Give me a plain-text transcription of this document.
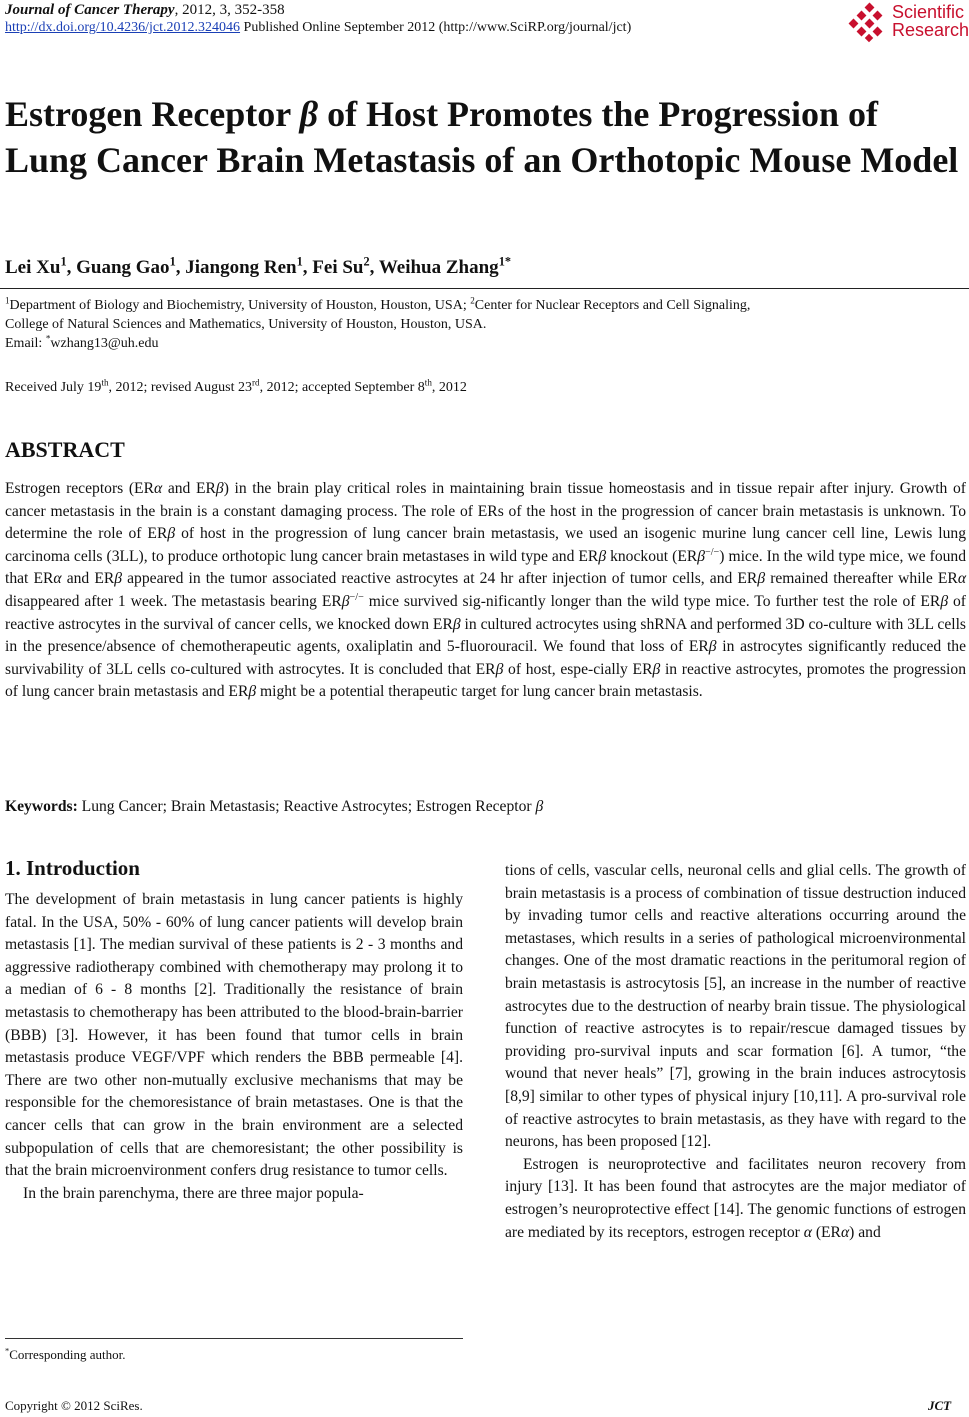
Journal of Cancer Therapy, 2012, 3, 352-358
http://dx.doi.org/10.4236/jct.2012.324046 Published Online September 2012 (http://www.SciRP.org/journal/jct)
Scientific
Research
Estrogen Receptor β of Host Promotes the Progression of Lung Cancer Brain Metastasis of an Orthotopic Mouse Model
Lei Xu$^1$, Guang Gao$^1$, Jiangong Ren$^1$, Fei Su$^2$, Weihua Zhang$^{1*}$
$^1$Department of Biology and Biochemistry, University of Houston, Houston, USA; $^2$Center for Nuclear Receptors and Cell Signaling,
College of Natural Sciences and Mathematics, University of Houston, Houston, USA.
Email: *wzhang13@uh.edu
Received July 19th, 2012; revised August 23rd, 2012; accepted September 8th, 2012
ABSTRACT
Estrogen receptors (ERα and ERβ) in the brain play critical roles in maintaining brain tissue homeostasis and in tissue repair after injury. Growth of cancer metastasis in the brain is a constant damaging process. The role of ERs of the host in the progression of cancer brain metastasis is unknown. To determine the role of ERβ of host in the progression of lung cancer brain metastasis, we used an isogenic murine lung cancer cell line, Lewis lung carcinoma cells (3LL), to produce orthotopic lung cancer brain metastases in wild type and ERβ knockout (ERβ−/−) mice. In the wild type mice, we found that ERα and ERβ appeared in the tumor associated reactive astrocytes at 24 hr after injection of tumor cells, and ERβ remained thereafter while ERα disappeared after 1 week. The metastasis bearing ERβ−/− mice survived sig-nificantly longer than the wild type mice. To further test the role of ERβ of reactive astrocytes in the survival of cancer cells, we knocked down ERβ in cultured actrocytes using shRNA and performed 3D co-culture with 3LL cells in the presence/absence of chemotherapeutic agents, oxaliplatin and 5-fluorouracil. We found that loss of ERβ in astrocytes significantly reduced the survivability of 3LL cells co-cultured with astrocytes. It is concluded that ERβ of host, espe-cially ERβ in reactive astrocytes, promotes the progression of lung cancer brain metastasis and ERβ might be a potential therapeutic target for lung cancer brain metastasis.
Keywords: Lung Cancer; Brain Metastasis; Reactive Astrocytes; Estrogen Receptor β
1. Introduction

The development of brain metastasis in lung cancer patients is highly fatal. In the USA, 50% - 60% of lung cancer patients will develop brain metastasis [1]. The median survival of these patients is 2 - 3 months and aggressive radiotherapy combined with chemotherapy may prolong it to a median of 6 - 8 months [2]. Traditionally the resistance of brain metastasis to chemotherapy has been attributed to the blood-brain-barrier (BBB) [3]. However, it has been found that tumor cells in brain metastasis produce VEGF/VPF which renders the BBB permeable [4]. There are two other non-mutually exclusive mechanisms that may be responsible for the chemoresistance of brain metastases. One is that the cancer cells that can grow in the brain environment are a selected subpopulation of cells that are chemoresistant; the other possibility is that the brain microenvironment confers drug resistance to tumor cells.

In the brain parenchyma, there are three major popula-

tions of cells, vascular cells, neuronal cells and glial cells. The growth of brain metastasis is a process of combination of tissue destruction induced by invading tumor cells and reactive alterations occurring around the metastases, which results in a series of pathological microenvironmental changes. One of the most dramatic reactions in the peritumoral region of brain metastasis is astrocytosis [5], an increase in the number of reactive astrocytes due to the destruction of nearby brain tissue. The physiological function of reactive astrocytes is to repair/rescue damaged tissues by providing pro-survival inputs and scar formation [6]. A tumor, “the wound that never heals” [7], growing in the brain induces astrocytosis [8,9] similar to other types of physical injury [10,11]. A pro-survival role of reactive astrocytes to brain metastasis, as they have with regard to the neurons, has been proposed [12].

Estrogen is neuroprotective and facilitates neuron recovery from injury [13]. It has been found that astrocytes are the major mediator of estrogen’s neuroprotective effect [14]. The genomic functions of estrogen are mediated by its receptors, estrogen receptor α (ERα) and

*Corresponding author.
Copyright © 2012 SciRes.	JCT
